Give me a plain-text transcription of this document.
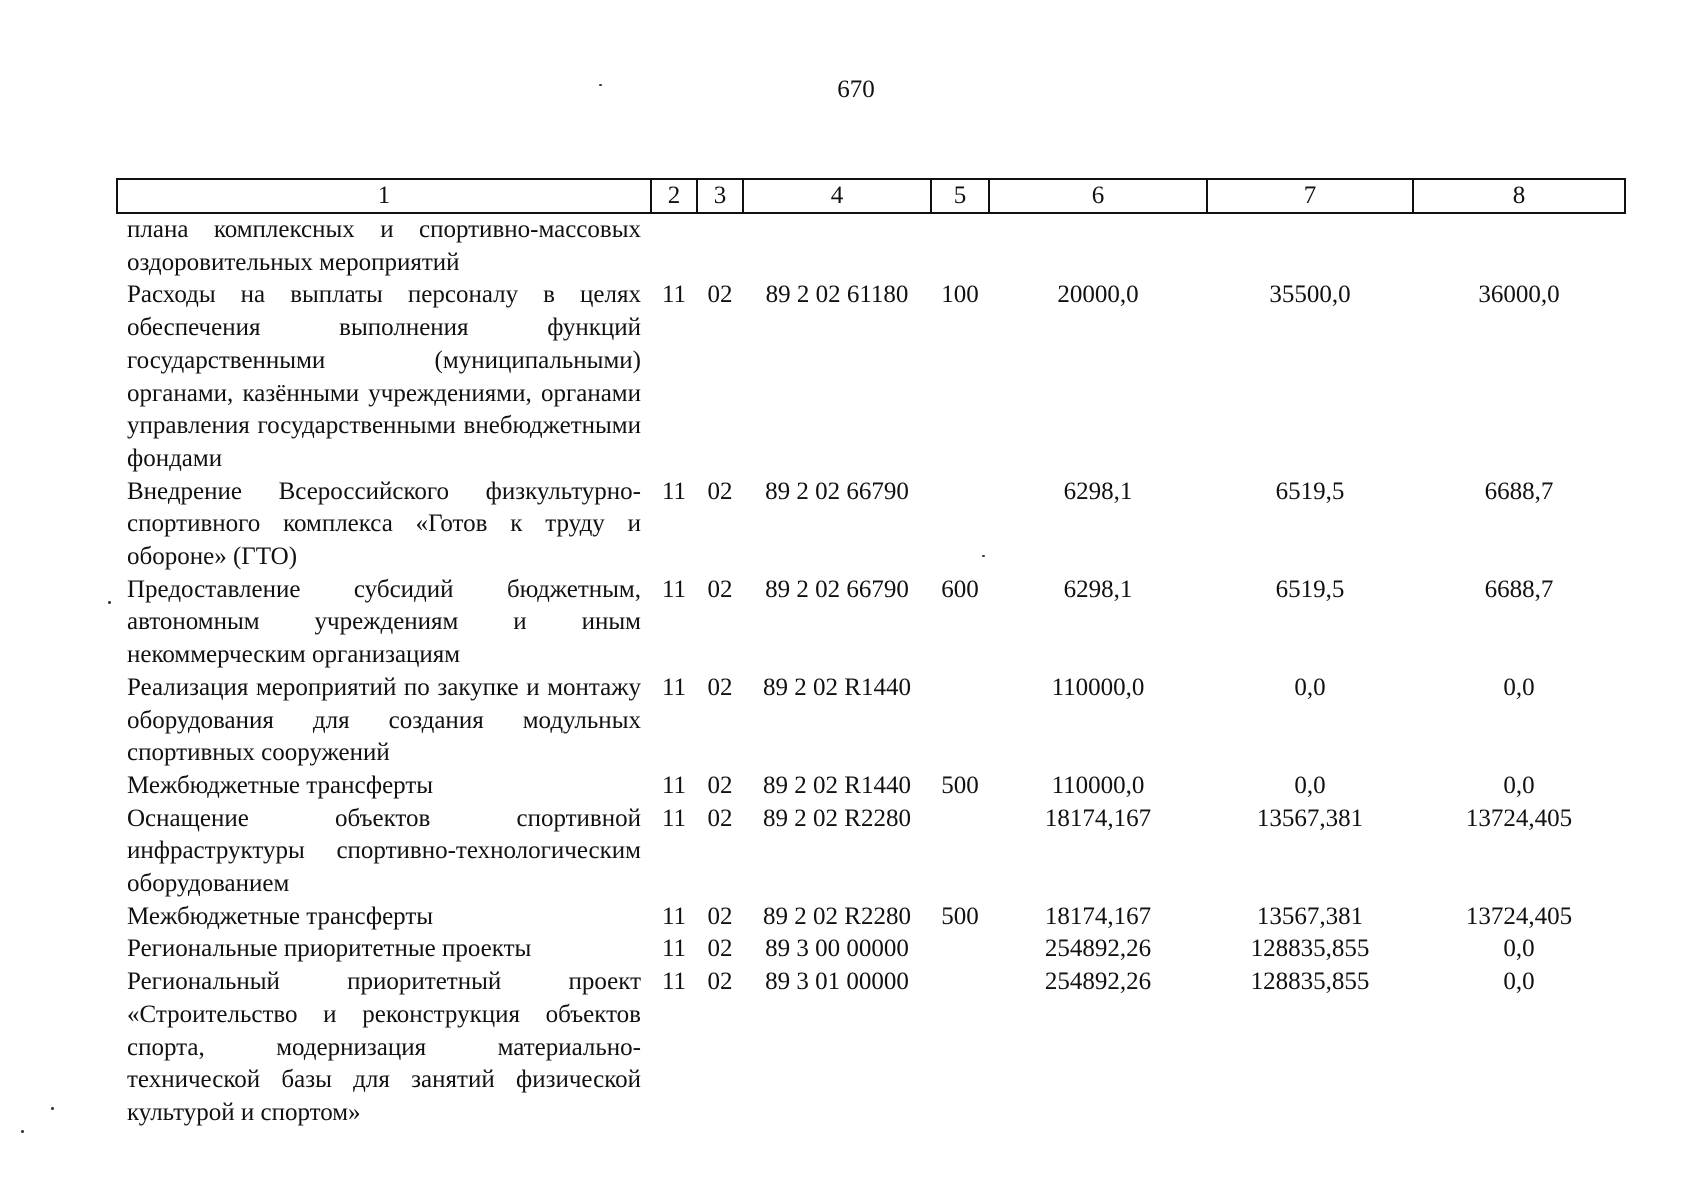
670
1	2	3	4	5	6	7	8
плана комплексных и спортивно-массовых оздоровительных мероприятий							
Расходы на выплаты персоналу в целях обеспечения выполнения функций государственными (муниципальными) органами, казёнными учреждениями, органами управления государственными внебюджетными фондами	11	02	89 2 02 61180	100	20000,0	35500,0	36000,0
Внедрение Всероссийского физкультурно-спортивного комплекса «Готов к труду и обороне» (ГТО)	11	02	89 2 02 66790		6298,1	6519,5	6688,7
Предоставление субсидий бюджетным, автономным учреждениям и иным некоммерческим организациям	11	02	89 2 02 66790	600	6298,1	6519,5	6688,7
Реализация мероприятий по закупке и монтажу оборудования для создания модульных спортивных сооружений	11	02	89 2 02 R1440		110000,0	0,0	0,0
Межбюджетные трансферты	11	02	89 2 02 R1440	500	110000,0	0,0	0,0
Оснащение объектов спортивной инфраструктуры спортивно-технологическим оборудованием	11	02	89 2 02 R2280		18174,167	13567,381	13724,405
Межбюджетные трансферты	11	02	89 2 02 R2280	500	18174,167	13567,381	13724,405
Региональные приоритетные проекты	11	02	89 3 00 00000		254892,26	128835,855	0,0
Региональный приоритетный проект «Строительство и реконструкция объектов спорта, модернизация материально-технической базы для занятий физической культурой и спортом»	11	02	89 3 01 00000		254892,26	128835,855	0,0
